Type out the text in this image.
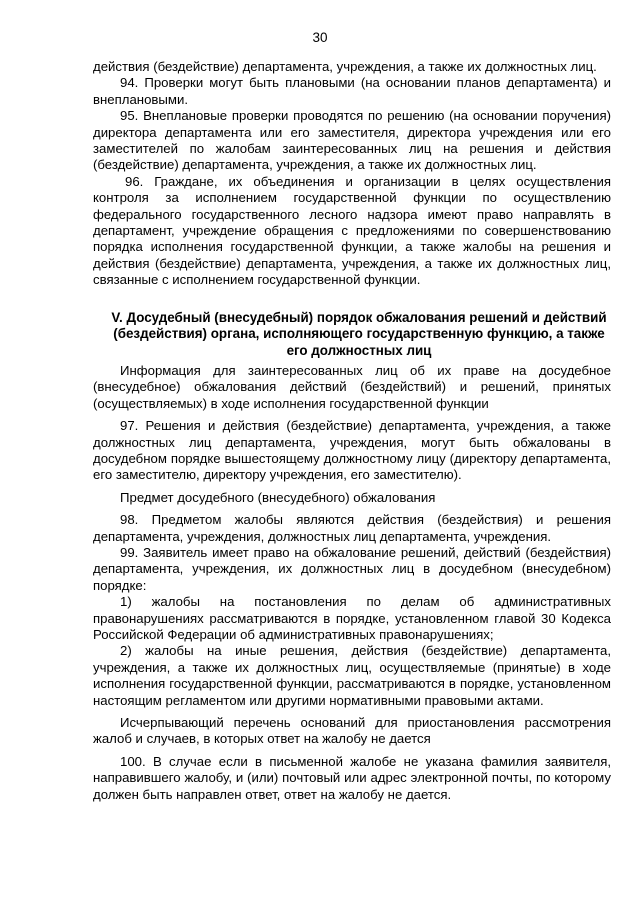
30

действия (бездействие) департамента, учреждения, а также их должностных лиц.

94. Проверки могут быть плановыми (на основании планов департамента) и внеплановыми.

95. Внеплановые проверки проводятся по решению (на основании поручения) директора департамента или его заместителя, директора учреждения или его заместителей по жалобам заинтересованных лиц на решения и действия (бездействие) департамента, учреждения, а также их должностных лиц.

96. Граждане, их объединения и организации в целях осуществления контроля за исполнением государственной функции по осуществлению федерального государственного лесного надзора имеют право направлять в департамент, учреждение обращения с предложениями по совершенствованию порядка исполнения государственной функции, а также жалобы на решения и действия (бездействие) департамента, учреждения, а также их должностных лиц, связанные с исполнением государственной функции.

V. Досудебный (внесудебный) порядок обжалования решений и действий (бездействия) органа, исполняющего государственную функцию, а также его должностных лиц

Информация для заинтересованных лиц об их праве на досудебное (внесудебное) обжалования действий (бездействий) и решений, принятых (осуществляемых) в ходе исполнения государственной функции

97. Решения и действия (бездействие) департамента, учреждения, а также должностных лиц департамента, учреждения, могут быть обжалованы в досудебном порядке вышестоящему должностному лицу (директору департамента, его заместителю, директору учреждения, его заместителю).

Предмет досудебного (внесудебного) обжалования

98. Предметом жалобы являются действия (бездействия) и решения департамента, учреждения, должностных лиц департамента, учреждения.

99. Заявитель имеет право на обжалование решений, действий (бездействия) департамента, учреждения, их должностных лиц в досудебном (внесудебном) порядке:

1) жалобы на постановления по делам об административных правонарушениях рассматриваются в порядке, установленном главой 30 Кодекса Российской Федерации об административных правонарушениях;

2) жалобы на иные решения, действия (бездействие) департамента, учреждения, а также их должностных лиц, осуществляемые (принятые) в ходе исполнения государственной функции, рассматриваются в порядке, установленном настоящим регламентом или другими нормативными правовыми актами.

Исчерпывающий перечень оснований для приостановления рассмотрения жалоб и случаев, в которых ответ на жалобу не дается

100. В случае если в письменной жалобе не указана фамилия заявителя, направившего жалобу, и (или) почтовый или адрес электронной почты, по которому должен быть направлен ответ, ответ на жалобу не дается.
